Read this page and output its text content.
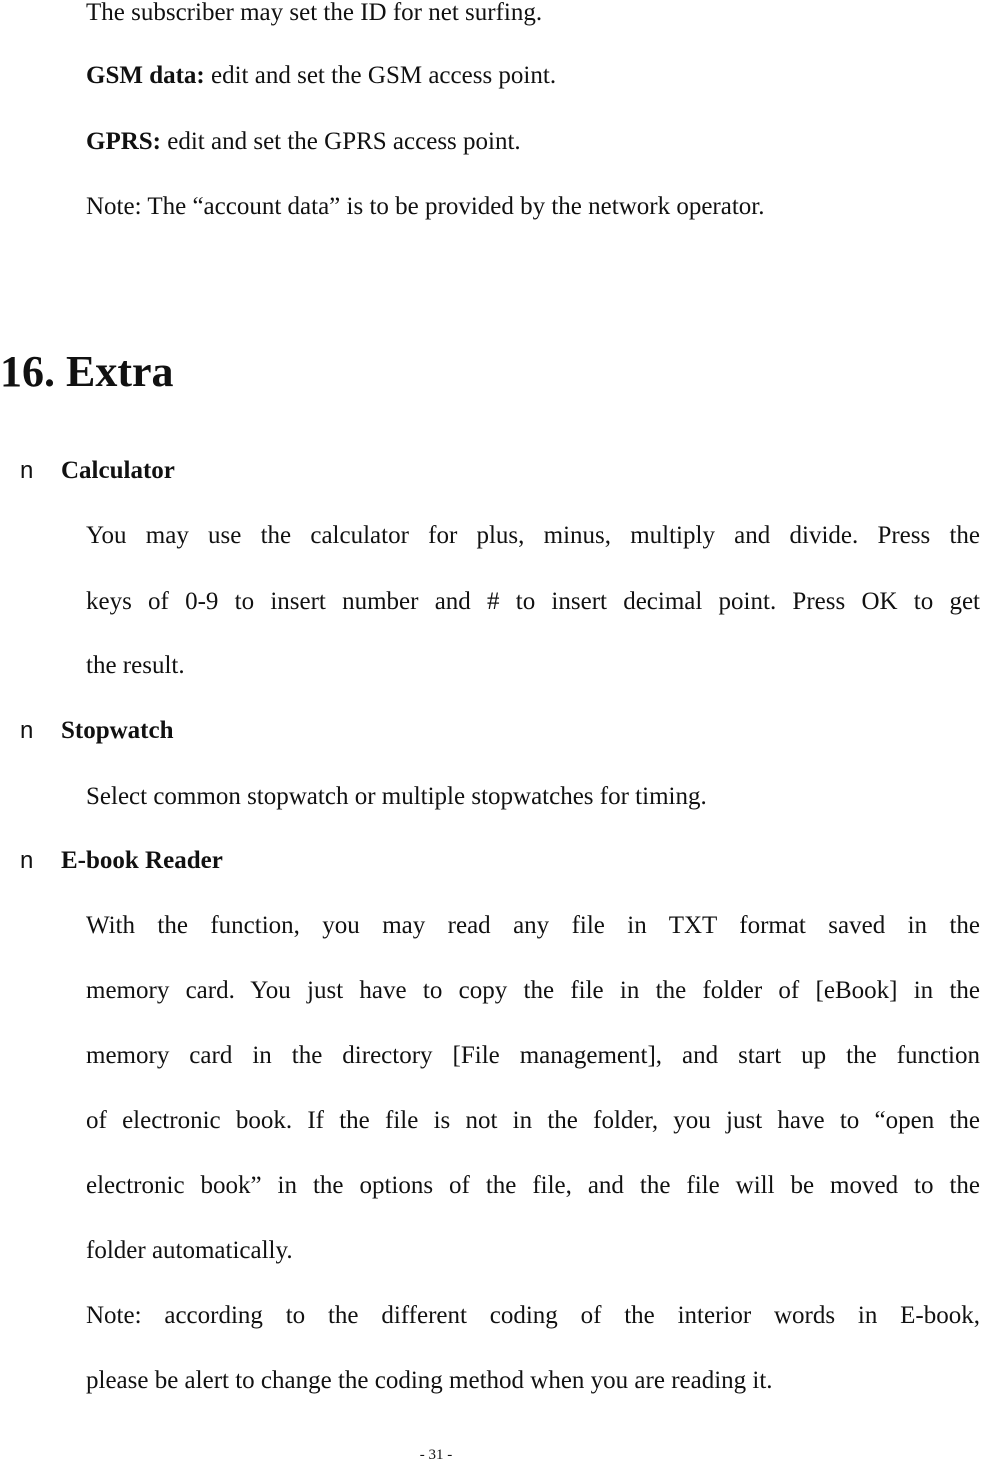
The subscriber may set the ID for net surfing.
GSM data: edit and set the GSM access point.
GPRS: edit and set the GPRS access point.
Note: The “account data” is to be provided by the network operator.
16. Extra
n Calculator
You may use the calculator for plus, minus, multiply and divide. Press the
keys of 0-9 to insert number and # to insert decimal point. Press OK to get
the result.
n Stopwatch
Select common stopwatch or multiple stopwatches for timing.
n E-book Reader
With the function, you may read any file in TXT format saved in the
memory card. You just have to copy the file in the folder of [eBook] in the
memory card in the directory [File management], and start up the function
of electronic book. If the file is not in the folder, you just have to “open the
electronic book” in the options of the file, and the file will be moved to the
folder automatically.
Note: according to the different coding of the interior words in E-book,
please be alert to change the coding method when you are reading it.
- 31 -
